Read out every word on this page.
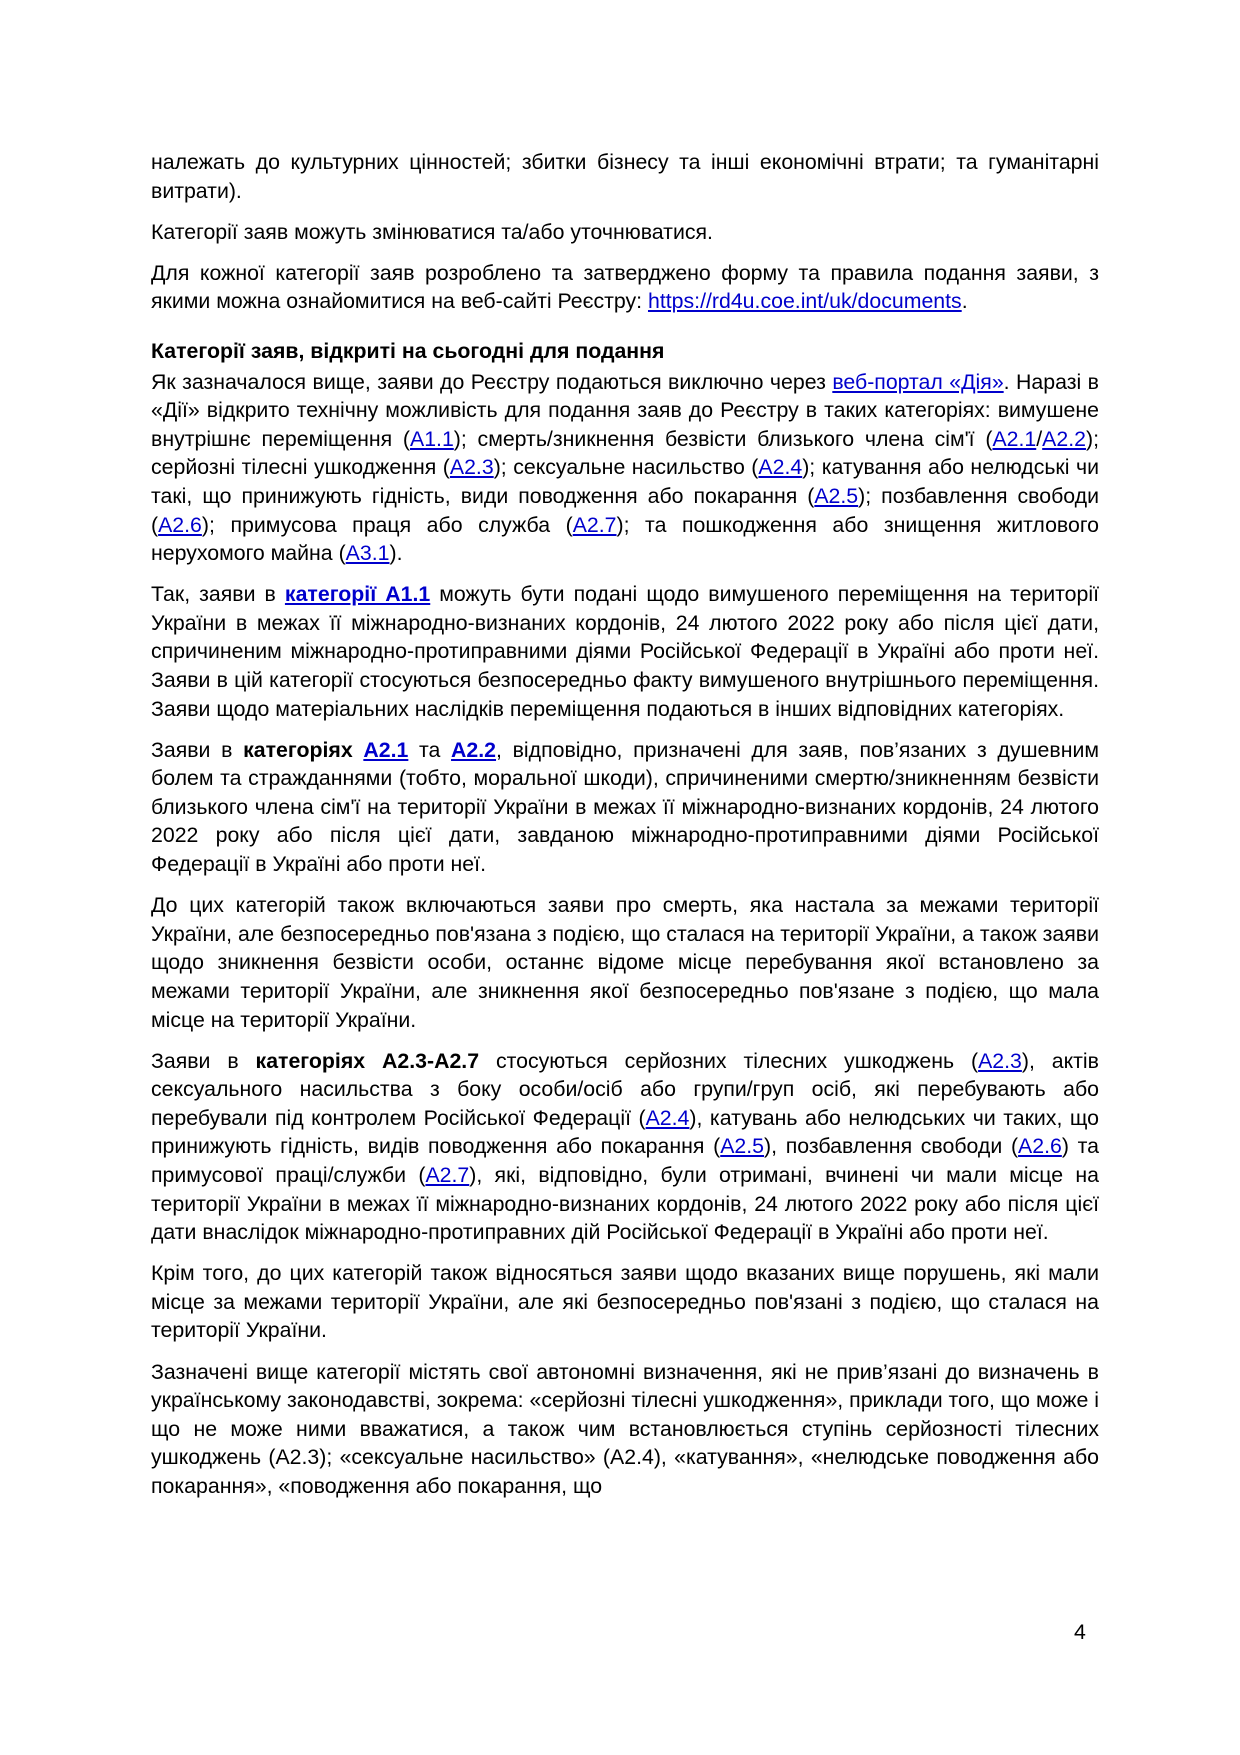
належать до культурних цінностей; збитки бізнесу та інші економічні втрати; та гуманітарні витрати).

Категорії заяв можуть змінюватися та/або уточнюватися.

Для кожної категорії заяв розроблено та затверджено форму та правила подання заяви, з якими можна ознайомитися на веб-сайті Реєстру: https://rd4u.coe.int/uk/documents.

Категорії заяв, відкриті на сьогодні для подання

Як зазначалося вище, заяви до Реєстру подаються виключно через веб-портал «Дія». Наразі в «Дії» відкрито технічну можливість для подання заяв до Реєстру в таких категоріях: вимушене внутрішнє переміщення (A1.1); смерть/зникнення безвісти близького члена сім'ї (A2.1/A2.2); серйозні тілесні ушкодження (A2.3); сексуальне насильство (A2.4); катування або нелюдські чи такі, що принижують гідність, види поводження або покарання (A2.5); позбавлення свободи (A2.6); примусова праця або служба (A2.7); та пошкодження або знищення житлового нерухомого майна (A3.1).

Так, заяви в категорії A1.1 можуть бути подані щодо вимушеного переміщення на території України в межах її міжнародно-визнаних кордонів, 24 лютого 2022 року або після цієї дати, спричиненим міжнародно-протиправними діями Російської Федерації в Україні або проти неї. Заяви в цій категорії стосуються безпосередньо факту вимушеного внутрішнього переміщення. Заяви щодо матеріальних наслідків переміщення подаються в інших відповідних категоріях.

Заяви в категоріях A2.1 та A2.2, відповідно, призначені для заяв, пов’язаних з душевним болем та стражданнями (тобто, моральної шкоди), спричиненими смертю/зникненням безвісти близького члена сім'ї на території України в межах її міжнародно-визнаних кордонів, 24 лютого 2022 року або після цієї дати, завданою міжнародно-протиправними діями Російської Федерації в Україні або проти неї.

До цих категорій також включаються заяви про смерть, яка настала за межами території України, але безпосередньо пов'язана з подією, що сталася на території України, а також заяви щодо зникнення безвісти особи, останнє відоме місце перебування якої встановлено за межами території України, але зникнення якої безпосередньо пов'язане з подією, що мала місце на території України.

Заяви в категоріях A2.3-A2.7 стосуються серйозних тілесних ушкоджень (A2.3), актів сексуального насильства з боку особи/осіб або групи/груп осіб, які перебувають або перебували під контролем Російської Федерації (A2.4), катувань або нелюдських чи таких, що принижують гідність, видів поводження або покарання (A2.5), позбавлення свободи (A2.6) та примусової праці/служби (A2.7), які, відповідно, були отримані, вчинені чи мали місце на території України в межах її міжнародно-визнаних кордонів, 24 лютого 2022 року або після цієї дати внаслідок міжнародно-протиправних дій Російської Федерації в Україні або проти неї.

Крім того, до цих категорій також відносяться заяви щодо вказаних вище порушень, які мали місце за межами території України, але які безпосередньо пов'язані з подією, що сталася на території України.

Зазначені вище категорії містять свої автономні визначення, які не прив’язані до визначень в українському законодавстві, зокрема: «серйозні тілесні ушкодження», приклади того, що може і що не може ними вважатися, а також чим встановлюється ступінь серйозності тілесних ушкоджень (A2.3); «сексуальне насильство» (A2.4), «катування», «нелюдське поводження або покарання», «поводження або покарання, що

4
